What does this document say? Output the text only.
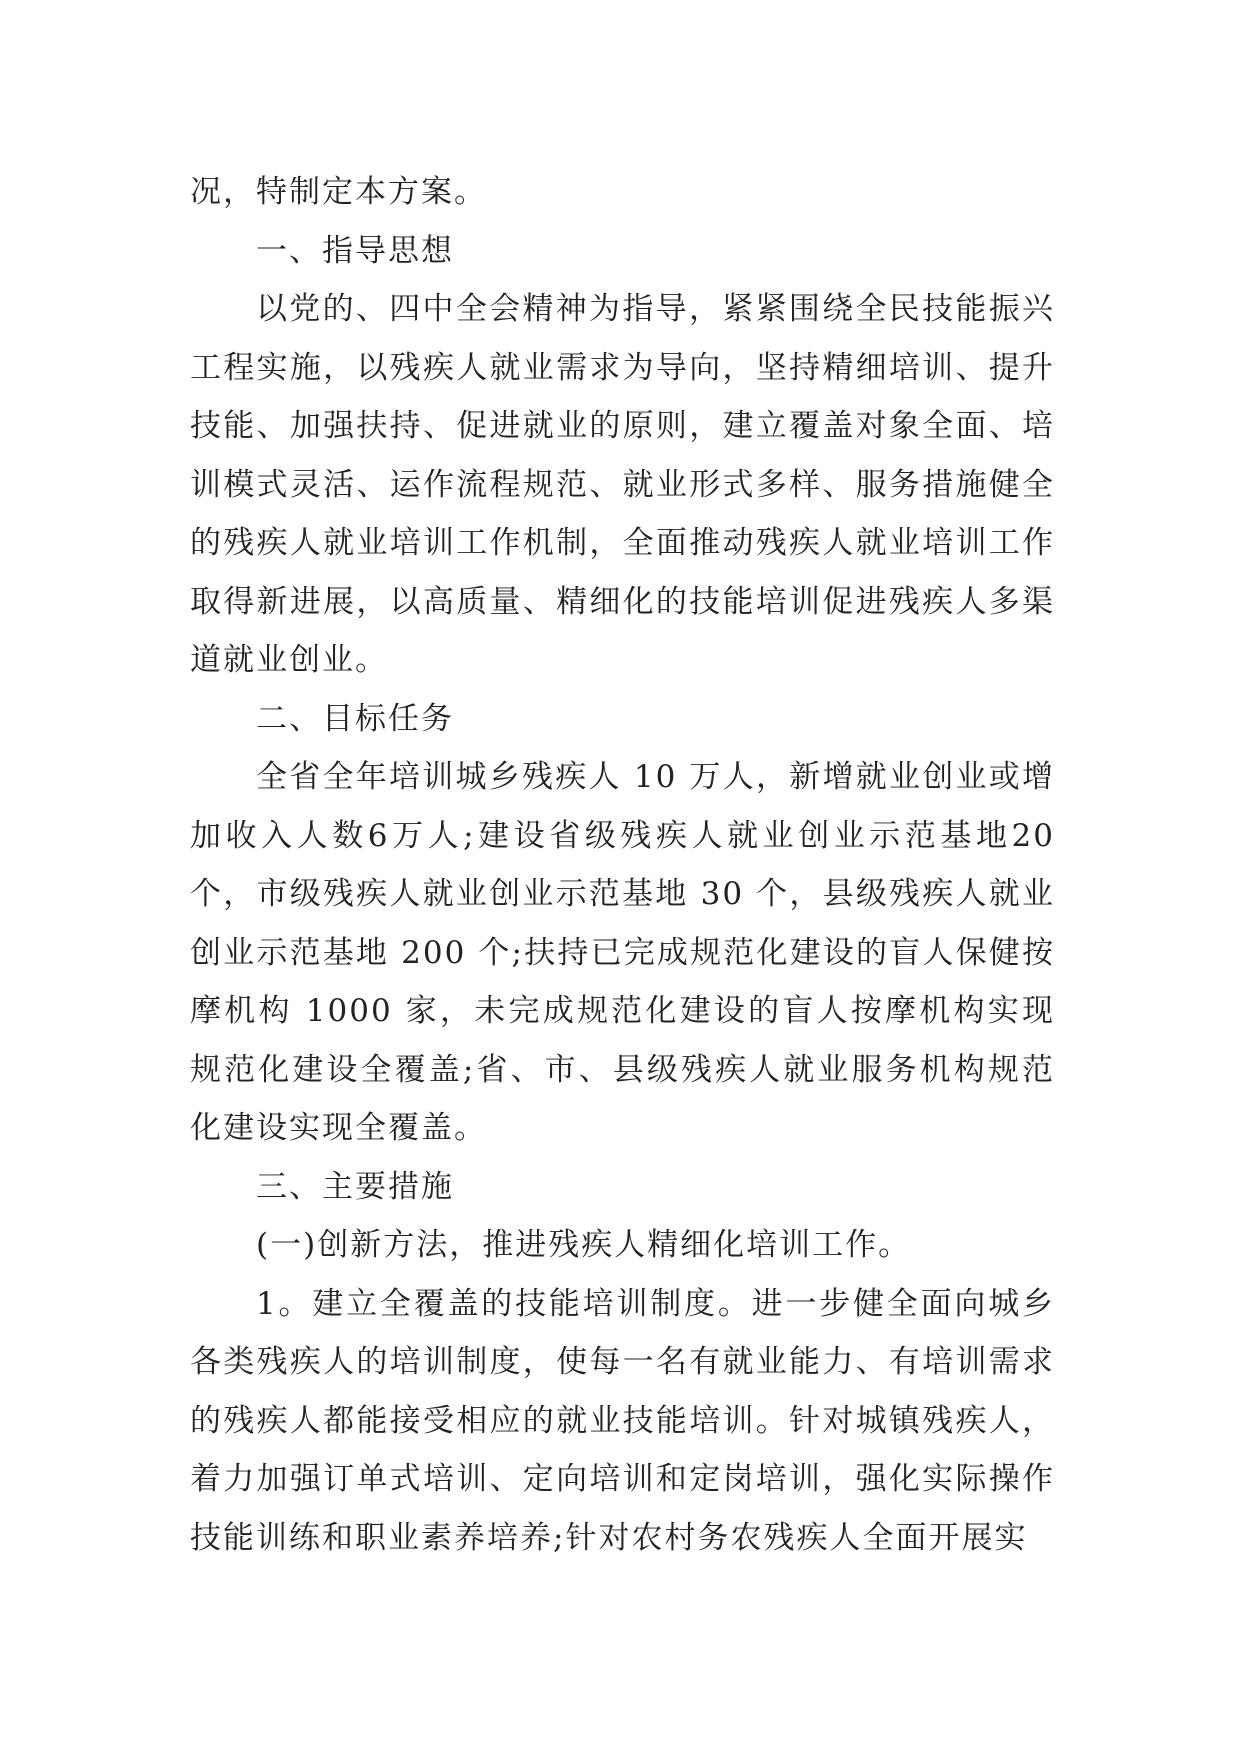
况，特制定本方案。

一、指导思想

以党的、四中全会精神为指导，紧紧围绕全民技能振兴工程实施，以残疾人就业需求为导向，坚持精细培训、提升技能、加强扶持、促进就业的原则，建立覆盖对象全面、培训模式灵活、运作流程规范、就业形式多样、服务措施健全的残疾人就业培训工作机制，全面推动残疾人就业培训工作取得新进展，以高质量、精细化的技能培训促进残疾人多渠道就业创业。

二、目标任务

全省全年培训城乡残疾人 10 万人，新增就业创业或增加收入人数6万人;建设省级残疾人就业创业示范基地20个，市级残疾人就业创业示范基地 30 个，县级残疾人就业创业示范基地 200 个;扶持已完成规范化建设的盲人保健按摩机构 1000 家，未完成规范化建设的盲人按摩机构实现规范化建设全覆盖;省、市、县级残疾人就业服务机构规范化建设实现全覆盖。

三、主要措施

(一)创新方法，推进残疾人精细化培训工作。

1。建立全覆盖的技能培训制度。进一步健全面向城乡各类残疾人的培训制度，使每一名有就业能力、有培训需求的残疾人都能接受相应的就业技能培训。针对城镇残疾人，着力加强订单式培训、定向培训和定岗培训，强化实际操作技能训练和职业素养培养;针对农村务农残疾人全面开展实
